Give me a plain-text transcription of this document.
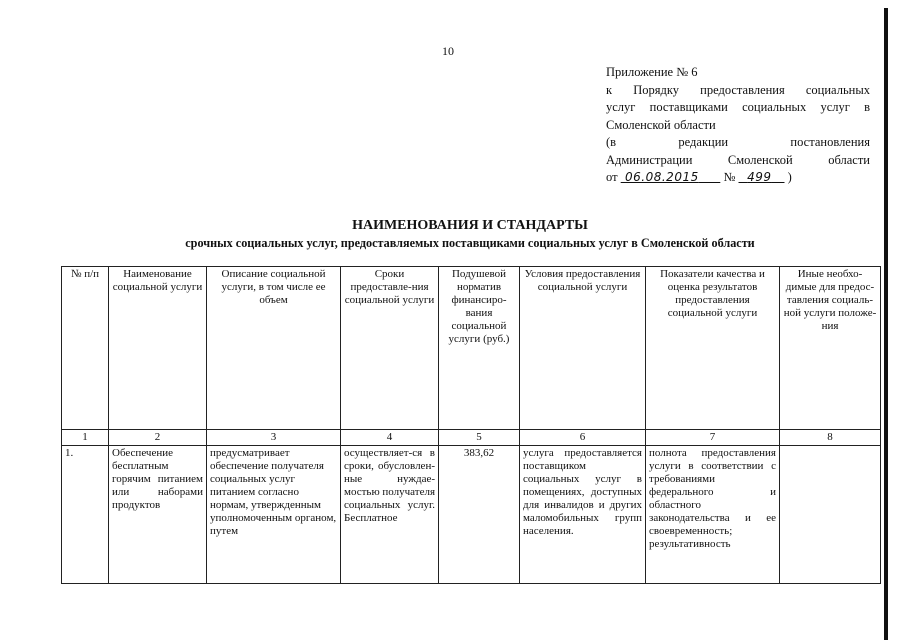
10
Приложение № 6
к Порядку предоставления социальных
услуг поставщиками социальных услуг в
Смоленской области
(в редакции постановления
Администрации Смоленской области
от 06.08.2015 № 499 )
НАИМЕНОВАНИЯ И СТАНДАРТЫ
срочных социальных услуг, предоставляемых поставщиками социальных услуг в Смоленской области
№ п/п	Наименование социальной услуги	Описание социальной услуги, в том числе ее объем	Сроки предоставле-ния социальной услуги	Подушевой норматив финансиро-вания социальной услуги (руб.)	Условия предоставления социальной услуги	Показатели качества и оценка результатов предоставления социальной услуги	Иные необхо-димые для предос-тавления социаль-ной услуги положе-ния
1	2	3	4	5	6	7	8
1.	Обеспечение бесплатным горячим питанием или наборами продуктов	предусматривает обеспечение получателя социальных услуг питанием согласно нормам, утвержденным уполномоченным органом, путем	осуществляет-ся в сроки, обусловлен-ные нуждае-мостью получателя социальных услуг. Бесплатное	383,62	услуга предоставляется поставщиком социальных услуг в помещениях, доступных для инвалидов и других маломобильных групп населения.	полнота предоставления услуги в соответствии с требованиями федерального и областного законодательства и ее своевременность; результативность	
